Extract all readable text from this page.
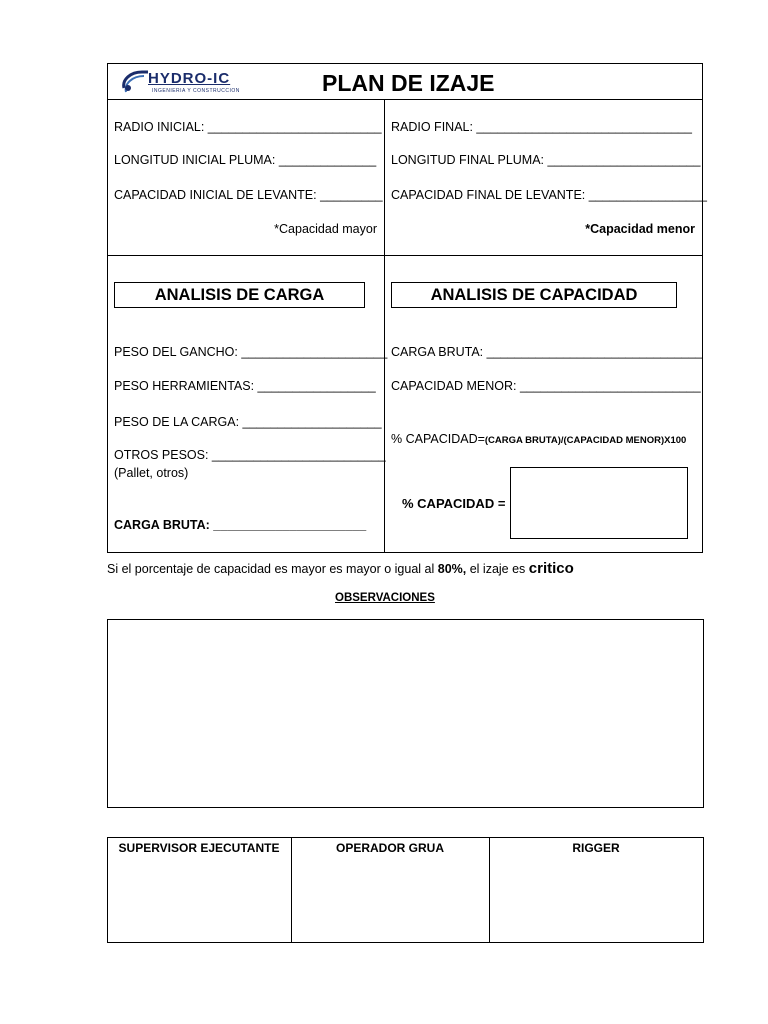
HYDRO-IC
INGENIERIA Y CONSTRUCCION	PLAN DE IZAJE
RADIO INICIAL: _________________________
LONGITUD INICIAL PLUMA: ______________
CAPACIDAD INICIAL DE LEVANTE: _________
*Capacidad mayor
RADIO FINAL: _______________________________
LONGITUD FINAL PLUMA: ______________________
CAPACIDAD FINAL DE LEVANTE: _________________
*Capacidad menor
ANALISIS DE CARGA	ANALISIS DE CAPACIDAD
PESO DEL GANCHO: _____________________
PESO HERRAMIENTAS: _________________
PESO DE LA CARGA: ____________________
OTROS PESOS: _________________________
(Pallet, otros)
CARGA BRUTA: ______________________
CARGA BRUTA: _______________________________
CAPACIDAD MENOR: __________________________
% CAPACIDAD=(CARGA BRUTA)/(CAPACIDAD MENOR)X100
% CAPACIDAD =
Si el porcentaje de capacidad es mayor es mayor o igual al 80%, el izaje es critico
OBSERVACIONES
SUPERVISOR EJECUTANTE	OPERADOR GRUA	RIGGER
